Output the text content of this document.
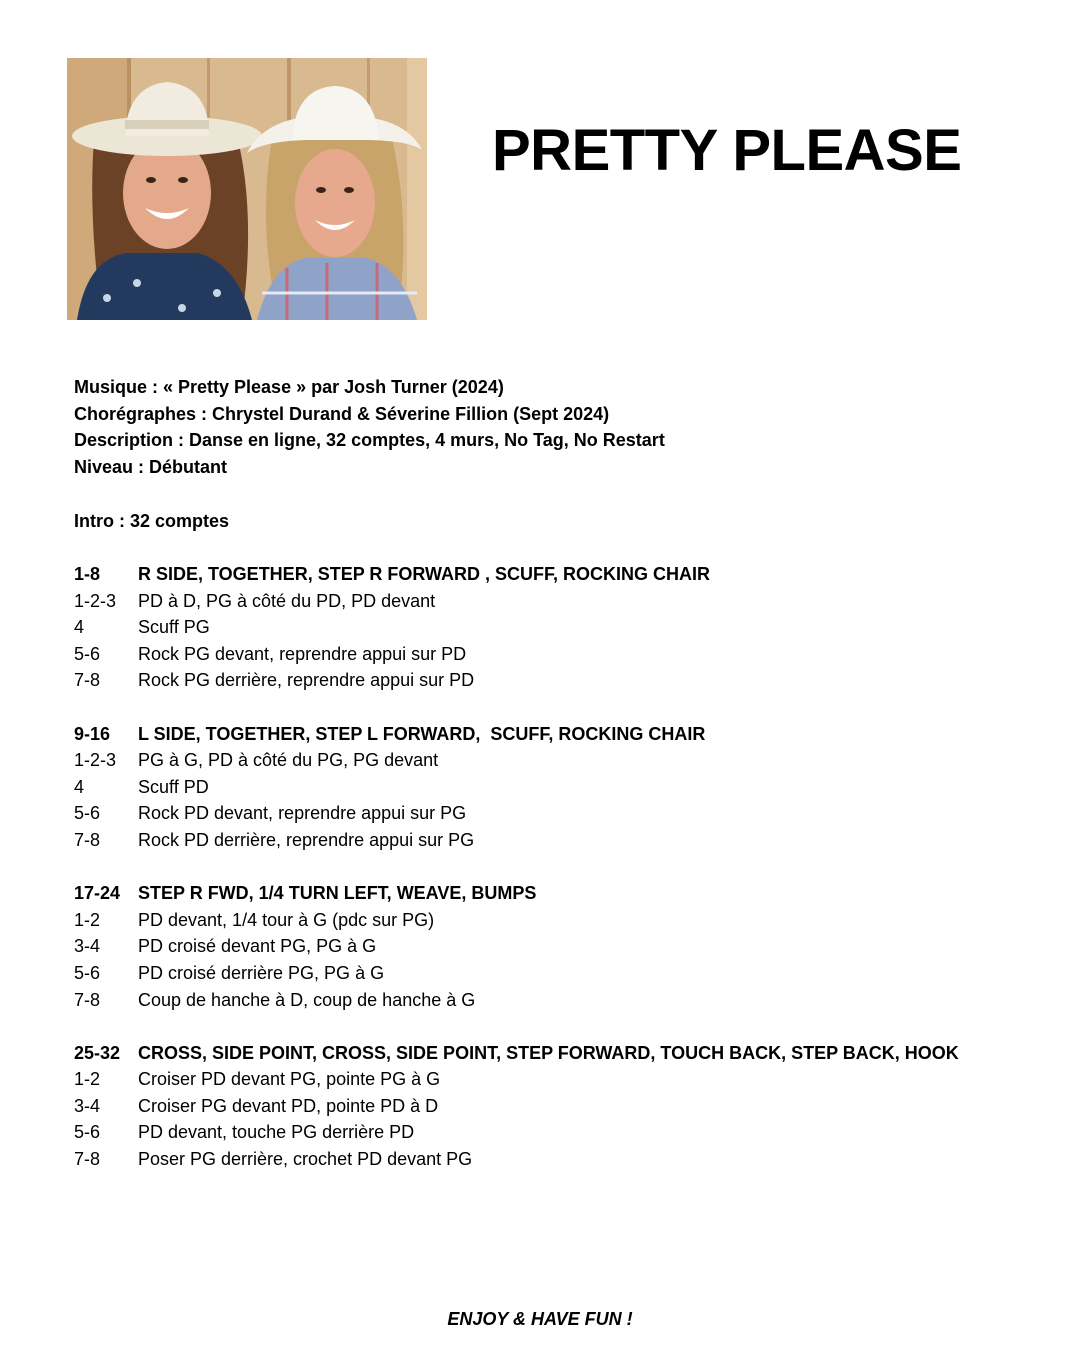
PRETTY PLEASE
Musique : « Pretty Please » par Josh Turner (2024)
Chorégraphes : Chrystel Durand & Séverine Fillion (Sept 2024)
Description : Danse en ligne, 32 comptes, 4 murs, No Tag, No Restart
Niveau : Débutant
Intro : 32 comptes
1-8	R SIDE, TOGETHER, STEP R FORWARD , SCUFF, ROCKING CHAIR
1-2-3	PD à D, PG à côté du PD, PD devant
4	Scuff PG
5-6	Rock PG devant, reprendre appui sur PD
7-8	Rock PG derrière, reprendre appui sur PD
9-16	L SIDE, TOGETHER, STEP L FORWARD,  SCUFF, ROCKING CHAIR
1-2-3	PG à G, PD à côté du PG, PG devant
4	Scuff PD
5-6	Rock PD devant, reprendre appui sur PG
7-8	Rock PD derrière, reprendre appui sur PG
17-24 STEP R FWD, 1/4 TURN LEFT, WEAVE, BUMPS
1-2	PD devant, 1/4 tour à G (pdc sur PG)
3-4	PD croisé devant PG, PG à G
5-6	PD croisé derrière PG, PG à G
7-8	Coup de hanche à D, coup de hanche à G
25-32 CROSS, SIDE POINT, CROSS, SIDE POINT, STEP FORWARD, TOUCH BACK, STEP BACK, HOOK
1-2	Croiser PD devant PG, pointe PG à G
3-4	Croiser PG devant PD, pointe PD à D
5-6	PD devant, touche PG derrière PD
7-8	Poser PG derrière, crochet PD devant PG
ENJOY & HAVE FUN !
